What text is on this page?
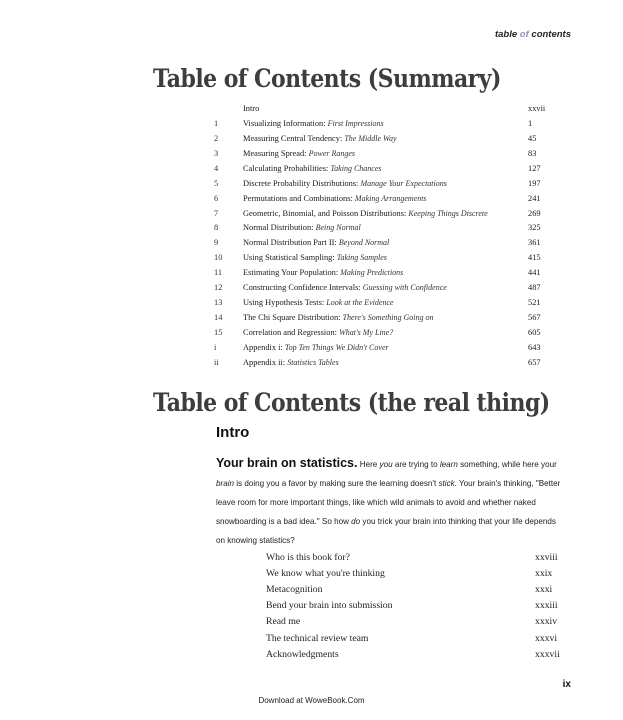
table of contents
Table of Contents (Summary)
Intro	xxvii
1	Visualizing Information: First Impressions	1
2	Measuring Central Tendency: The Middle Way	45
3	Measuring Spread: Power Ranges	83
4	Calculating Probabilities: Taking Chances	127
5	Discrete Probability Distributions: Manage Your Expectations	197
6	Permutations and Combinations: Making Arrangements	241
7	Geometric, Binomial, and Poisson Distributions: Keeping Things Discrete	269
8	Normal Distribution: Being Normal	325
9	Normal Distribution Part II: Beyond Normal	361
10	Using Statistical Sampling: Taking Samples	415
11	Estimating Your Population: Making Predictions	441
12	Constructing Confidence Intervals: Guessing with Confidence	487
13	Using Hypothesis Tests: Look at the Evidence	521
14	The Chi Square Distribution: There's Something Going on	567
15	Correlation and Regression: What's My Line?	605
i	Appendix i: Top Ten Things We Didn't Cover	643
ii	Appendix ii: Statistics Tables	657
Table of Contents (the real thing)
Intro
Your brain on statistics. Here you are trying to learn something, while here your brain is doing you a favor by making sure the learning doesn't stick. Your brain's thinking, "Better leave room for more important things, like which wild animals to avoid and whether naked snowboarding is a bad idea." So how do you trick your brain into thinking that your life depends on knowing statistics?
Who is this book for?	xxviii
We know what you're thinking	xxix
Metacognition	xxxi
Bend your brain into submission	xxxiii
Read me	xxxiv
The technical review team	xxxvi
Acknowledgments	xxxvii
ix
Download at WoweBook.Com
